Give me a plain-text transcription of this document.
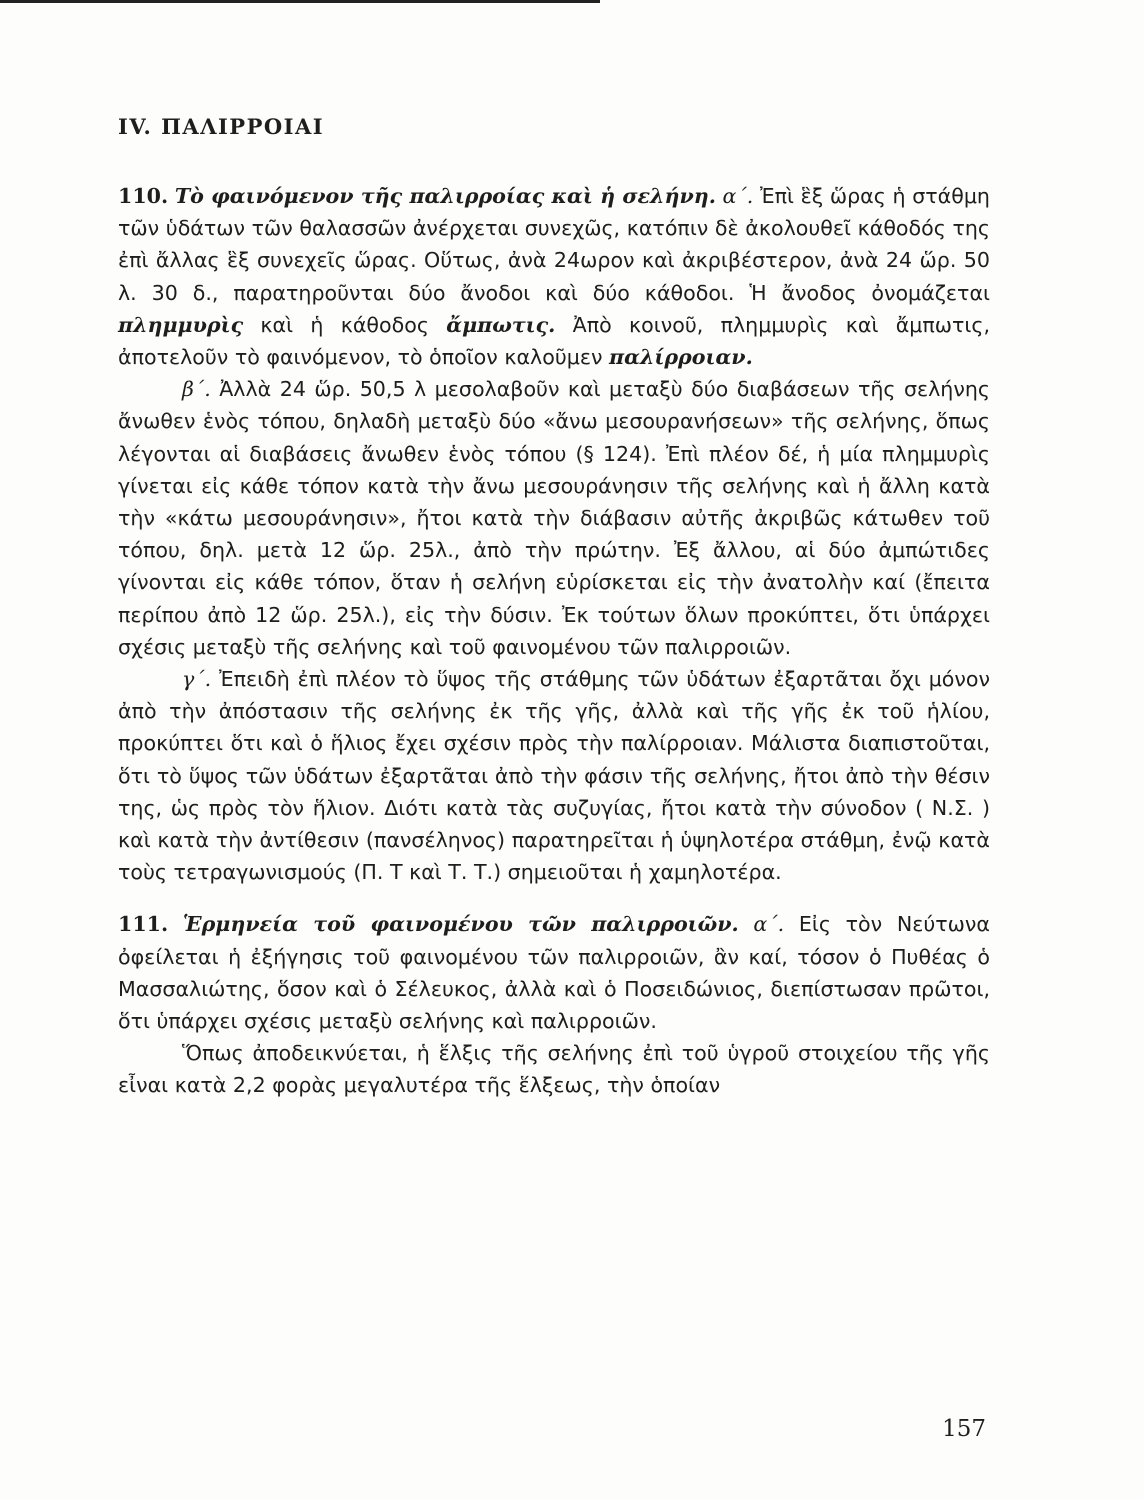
IV. ΠΑΛΙΡΡΟΙΑΙ

110. Τὸ φαινόμενον τῆς παλιρροίας καὶ ἡ σελήνη. α΄. Ἐπὶ ἓξ ὥρας ἡ στάθμη τῶν ὑδάτων τῶν θαλασσῶν ἀνέρχεται συνεχῶς, κατόπιν δὲ ἀκολουθεῖ κάθοδός της ἐπὶ ἄλλας ἓξ συνεχεῖς ὥρας. Οὕτως, ἀνὰ 24ωρον καὶ ἀκριβέστερον, ἀνὰ 24 ὥρ. 50 λ. 30 δ., παρατηροῦνται δύο ἄνοδοι καὶ δύο κάθοδοι. Ἡ ἄνοδος ὀνομάζεται πλημμυρὶς καὶ ἡ κάθοδος ἄμπωτις. Ἀπὸ κοινοῦ, πλημμυρὶς καὶ ἄμπωτις, ἀποτελοῦν τὸ φαινόμενον, τὸ ὁποῖον καλοῦμεν παλίρροιαν.

β΄. Ἀλλὰ 24 ὥρ. 50,5 λ μεσολαβοῦν καὶ μεταξὺ δύο διαβάσεων τῆς σελήνης ἄνωθεν ἑνὸς τόπου, δηλαδὴ μεταξὺ δύο «ἄνω μεσουρανήσεων» τῆς σελήνης, ὅπως λέγονται αἱ διαβάσεις ἄνωθεν ἑνὸς τόπου (§ 124). Ἐπὶ πλέον δέ, ἡ μία πλημμυρὶς γίνεται εἰς κάθε τόπον κατὰ τὴν ἄνω μεσουράνησιν τῆς σελήνης καὶ ἡ ἄλλη κατὰ τὴν «κάτω μεσουράνησιν», ἤτοι κατὰ τὴν διάβασιν αὐτῆς ἀκριβῶς κάτωθεν τοῦ τόπου, δηλ. μετὰ 12 ὥρ. 25λ., ἀπὸ τὴν πρώτην. Ἐξ ἄλλου, αἱ δύο ἀμπώτιδες γίνονται εἰς κάθε τόπον, ὅταν ἡ σελήνη εὑρίσκεται εἰς τὴν ἀνατολὴν καί (ἔπειτα περίπου ἀπὸ 12 ὥρ. 25λ.), εἰς τὴν δύσιν. Ἐκ τούτων ὅλων προκύπτει, ὅτι ὑπάρχει σχέσις μεταξὺ τῆς σελήνης καὶ τοῦ φαινομένου τῶν παλιρροιῶν.

γ΄. Ἐπειδὴ ἐπὶ πλέον τὸ ὕψος τῆς στάθμης τῶν ὑδάτων ἐξαρτᾶται ὄχι μόνον ἀπὸ τὴν ἀπόστασιν τῆς σελήνης ἐκ τῆς γῆς, ἀλλὰ καὶ τῆς γῆς ἐκ τοῦ ἡλίου, προκύπτει ὅτι καὶ ὁ ἥλιος ἔχει σχέσιν πρὸς τὴν παλίρροιαν. Μάλιστα διαπιστοῦται, ὅτι τὸ ὕψος τῶν ὑδάτων ἐξαρτᾶται ἀπὸ τὴν φάσιν τῆς σελήνης, ἤτοι ἀπὸ τὴν θέσιν της, ὡς πρὸς τὸν ἥλιον. Διότι κατὰ τὰς συζυγίας, ἤτοι κατὰ τὴν σύνοδον ( Ν.Σ. ) καὶ κατὰ τὴν ἀντίθεσιν (πανσέληνος) παρατηρεῖται ἡ ὑψηλοτέρα στάθμη, ἐνῷ κατὰ τοὺς τετραγωνισμούς (Π. Τ καὶ Τ. Τ.) σημειοῦται ἡ χαμηλοτέρα.

111. Ἑρμηνεία τοῦ φαινομένου τῶν παλιρροιῶν. α΄. Εἰς τὸν Νεύτωνα ὀφείλεται ἡ ἐξήγησις τοῦ φαινομένου τῶν παλιρροιῶν, ἂν καί, τόσον ὁ Πυθέας ὁ Μασσαλιώτης, ὅσον καὶ ὁ Σέλευκος, ἀλλὰ καὶ ὁ Ποσειδώνιος, διεπίστωσαν πρῶτοι, ὅτι ὑπάρχει σχέσις μεταξὺ σελήνης καὶ παλιρροιῶν.

Ὅπως ἀποδεικνύεται, ἡ ἕλξις τῆς σελήνης ἐπὶ τοῦ ὑγροῦ στοιχείου τῆς γῆς εἶναι κατὰ 2,2 φορὰς μεγαλυτέρα τῆς ἕλξεως, τὴν ὁποίαν

157
